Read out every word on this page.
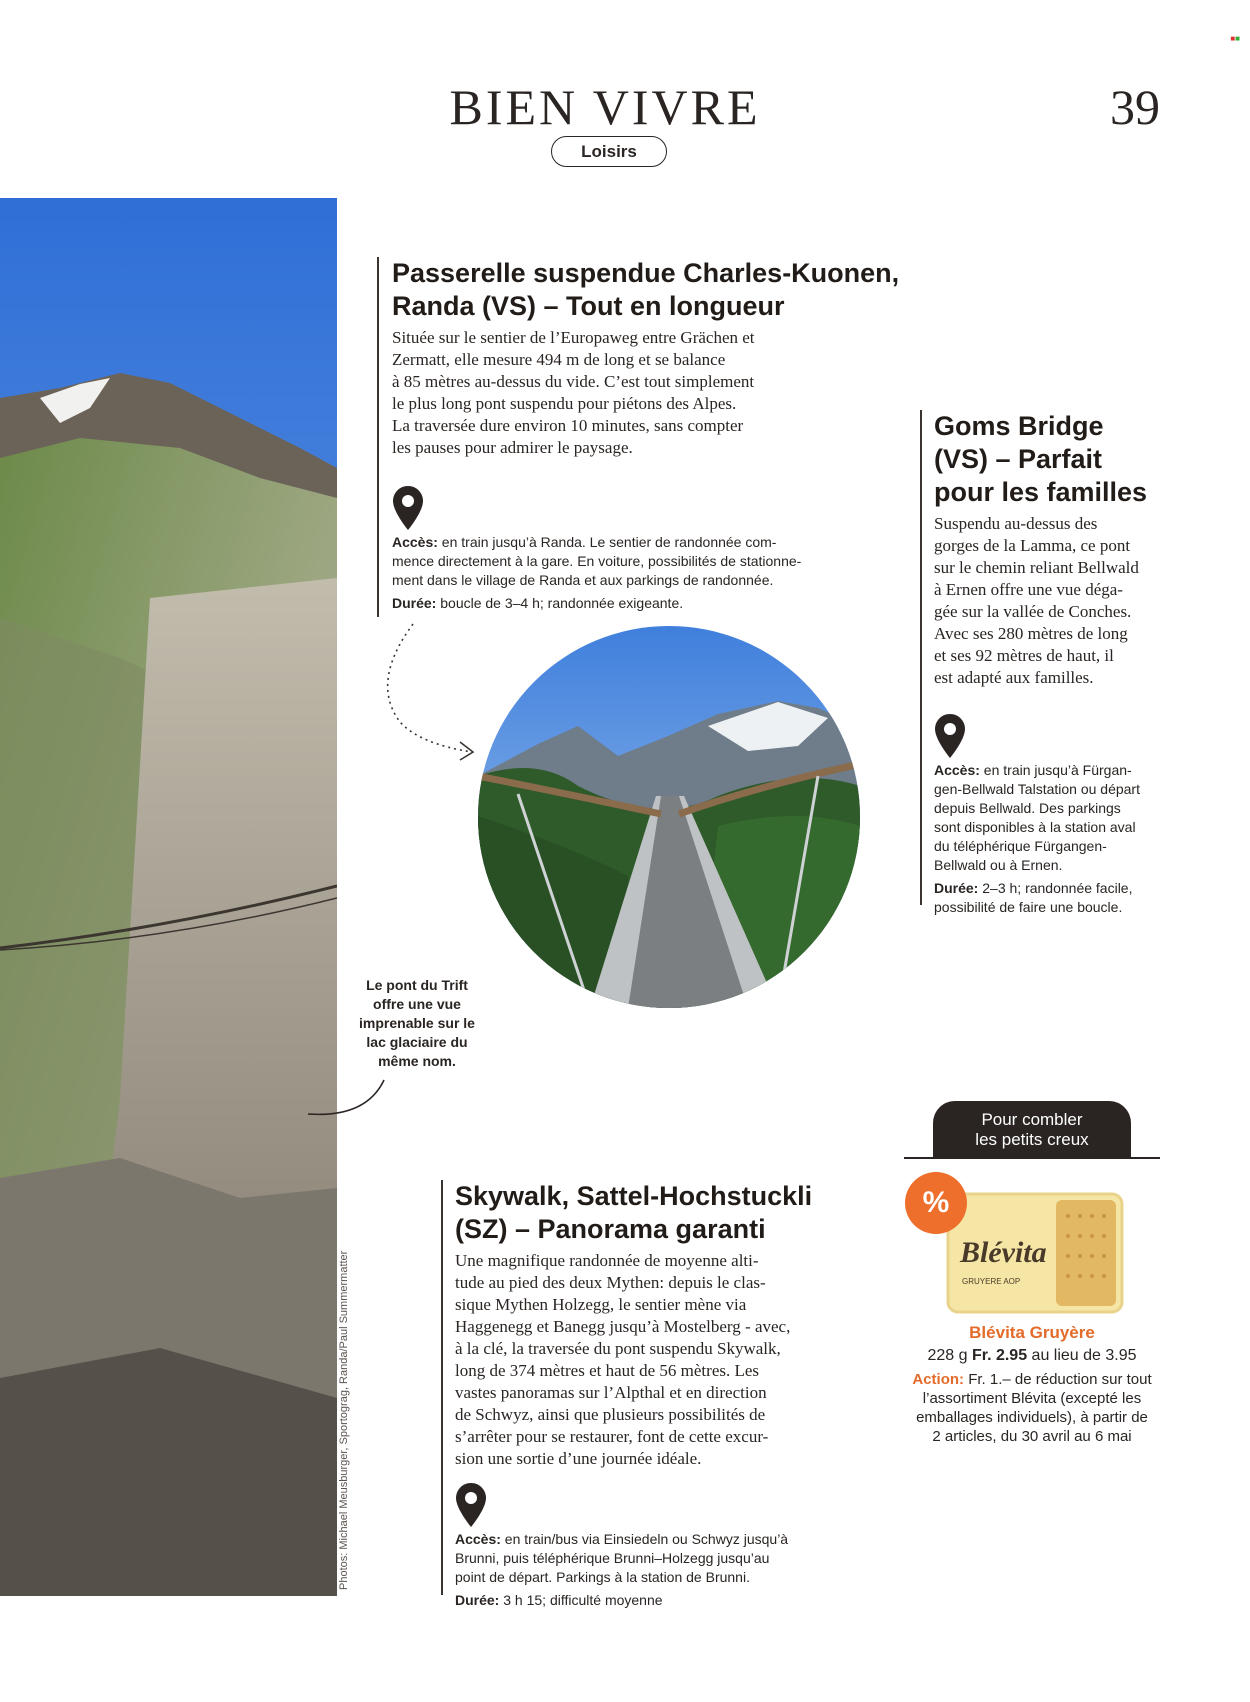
■■
BIEN VIVRE
Loisirs
39
Photos: Michael Meusburger, Sportograg, Randa/Paul Summermatter
Passerelle suspendue Charles-Kuonen,
Randa (VS) – Tout en longueur
Située sur le sentier de l’Europaweg entre Grächen et
Zermatt, elle mesure 494 m de long et se balance
à 85 mètres au-dessus du vide. C’est tout simplement
le plus long pont suspendu pour piétons des Alpes.
La traversée dure environ 10 minutes, sans compter
les pauses pour admirer le paysage.
Accès: en train jusqu’à Randa. Le sentier de randonnée com-
mence directement à la gare. En voiture, possibilités de stationne-
ment dans le village de Randa et aux parkings de randonnée.
Durée: boucle de 3–4 h; randonnée exigeante.
Le pont du Trift offre une vue imprenable sur le lac glaciaire du même nom.
Goms Bridge
(VS) – Parfait
pour les familles
Suspendu au-dessus des
gorges de la Lamma, ce pont
sur le chemin reliant Bellwald
à Ernen offre une vue déga-
gée sur la vallée de Conches.
Avec ses 280 mètres de long
et ses 92 mètres de haut, il
est adapté aux familles.
Accès: en train jusqu’à Fürgan-
gen-Bellwald Talstation ou départ
depuis Bellwald. Des parkings
sont disponibles à la station aval
du téléphérique Fürgangen-
Bellwald ou à Ernen.
Durée: 2–3 h; randonnée facile,
possibilité de faire une boucle.
Skywalk, Sattel-Hochstuckli
(SZ) – Panorama garanti
Une magnifique randonnée de moyenne alti-
tude au pied des deux Mythen: depuis le clas-
sique Mythen Holzegg, le sentier mène via
Haggenegg et Banegg jusqu’à Mostelberg - avec,
à la clé, la traversée du pont suspendu Skywalk,
long de 374 mètres et haut de 56 mètres. Les
vastes panoramas sur l’Alpthal et en direction
de Schwyz, ainsi que plusieurs possibilités de
s’arrêter pour se restaurer, font de cette excur-
sion une sortie d’une journée idéale.
Accès: en train/bus via Einsiedeln ou Schwyz jusqu’à
Brunni, puis téléphérique Brunni–Holzegg jusqu’au
point de départ. Parkings à la station de Brunni.
Durée: 3 h 15; difficulté moyenne
Pour combler
les petits creux
%
Blévita
GRUYERE AOP
Blévita Gruyère
228 g Fr. 2.95 au lieu de 3.95
Action: Fr. 1.– de réduction sur tout
l’assortiment Blévita (excepté les
emballages individuels), à partir de
2 articles, du 30 avril au 6 mai
